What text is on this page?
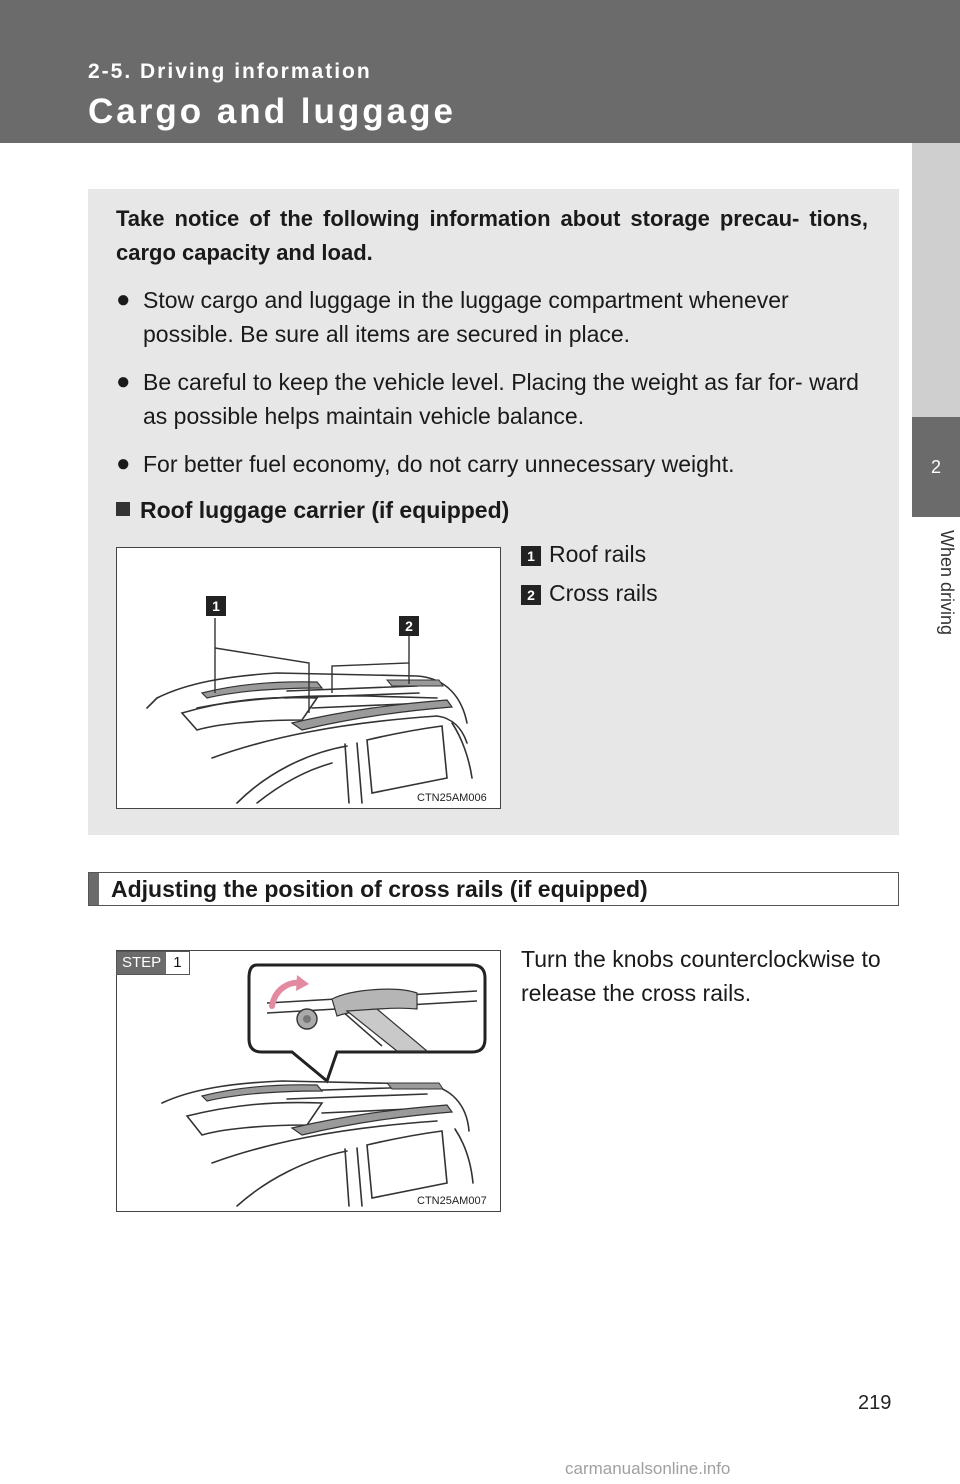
2-5. Driving information
Cargo and luggage
2
When driving
Take notice of the following information about storage precau- tions, cargo capacity and load.
● Stow cargo and luggage in the luggage compartment whenever possible. Be sure all items are secured in place.
● Be careful to keep the vehicle level. Placing the weight as far for- ward as possible helps maintain vehicle balance.
● For better fuel economy, do not carry unnecessary weight.
Roof luggage carrier (if equipped)
1
2
CTN25AM006
1 Roof rails
2 Cross rails
Adjusting the position of cross rails (if equipped)
CTN25AM007
STEP 1	Turn the knobs counterclockwise to release the cross rails.
219
carmanualsonline.info
